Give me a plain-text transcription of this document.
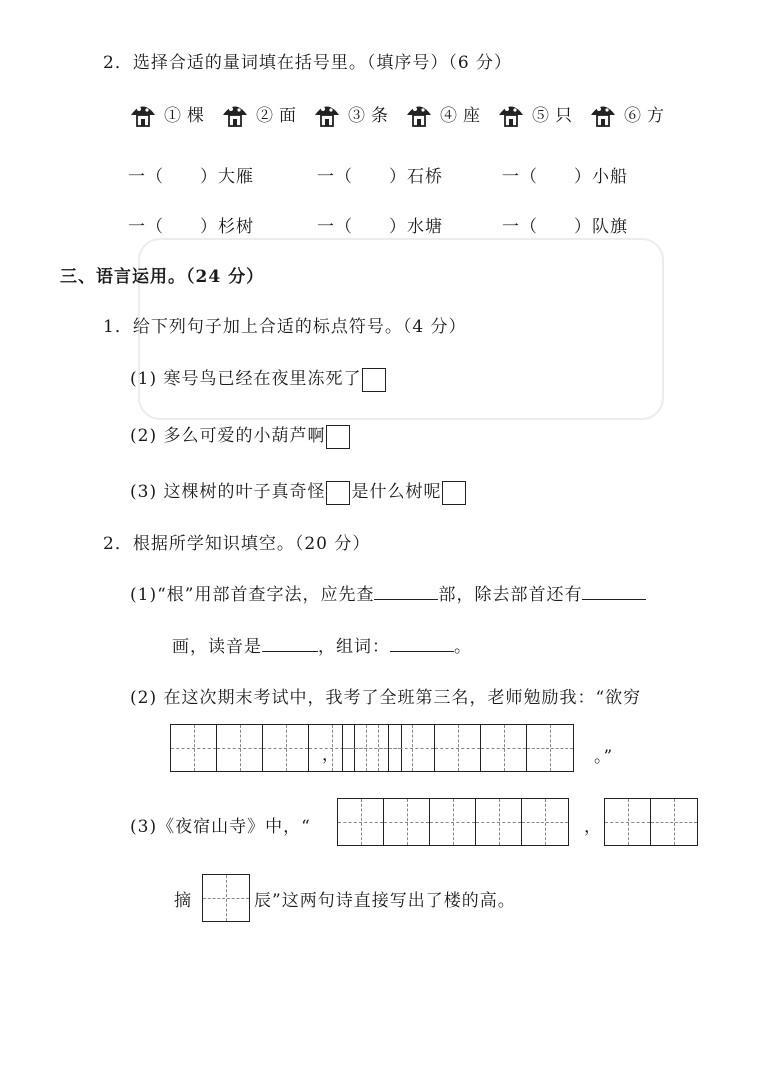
2．选择合适的量词填在括号里。（填序号）（6 分）
①棵	②面	③条	④座	⑤只	⑥方
一（　　）大雁	一（　　）石桥	一（　　）小船
一（　　）杉树	一（　　）水塘	一（　　）队旗
三、语言运用。（24 分）
1．给下列句子加上合适的标点符号。（4 分）
(1) 寒号鸟已经在夜里冻死了
(2) 多么可爱的小葫芦啊
(3) 这棵树的叶子真奇怪 是什么树呢
2．根据所学知识填空。（20 分）
(1)“根”用部首查字法，应先查	部，除去部首还有
画，读音是	，组词：	。
(2) 在这次期末考试中，我考了全班第三名，老师勉励我：“欲穷
，	。”
(3)《夜宿山寺》中，“	，
摘	辰”这两句诗直接写出了楼的高。
